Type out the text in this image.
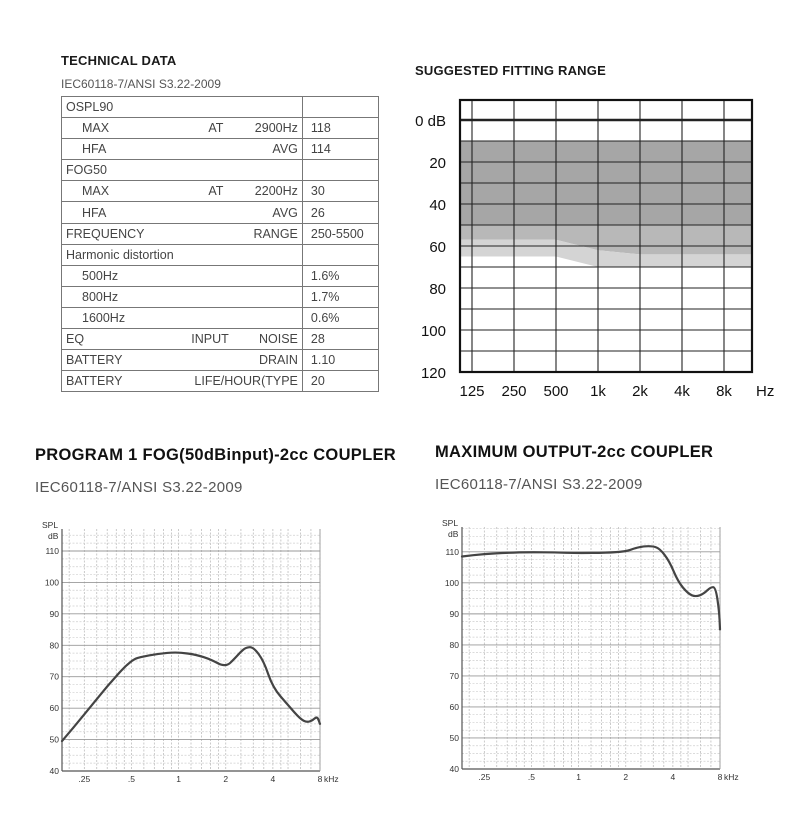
TECHNICAL DATA
IEC60118-7/ANSI S3.22-2009
OSPL90	

MAX AT 2900Hz	118

HFA AVG	114
FOG50	

MAX AT 2200Hz	30

HFA AVG	26

FREQUENCY RANGE	250-5500
Harmonic distortion	
500Hz	1.6%
800Hz	1.7%
1600Hz	0.6%

EQ INPUT NOISE	28

BATTERY DRAIN	1.10

BATTERY LIFE/HOUR(TYPE	20
SUGGESTED FITTING RANGE
0 dB
20
40
60
80
100
120
125 250 500 1k 2k 4k 8k Hz
PROGRAM 1 FOG(50dBinput)-2cc COUPLER
IEC60118-7/ANSI S3.22-2009
40
50
60
70
80
90
100
110
SPL
dB
.25	.5	1	2	4	8 kHz
MAXIMUM OUTPUT-2cc COUPLER
IEC60118-7/ANSI S3.22-2009
40
50
60
70
80
90
100
110
SPL
dB
.25	.5	1	2	4	8 kHz
